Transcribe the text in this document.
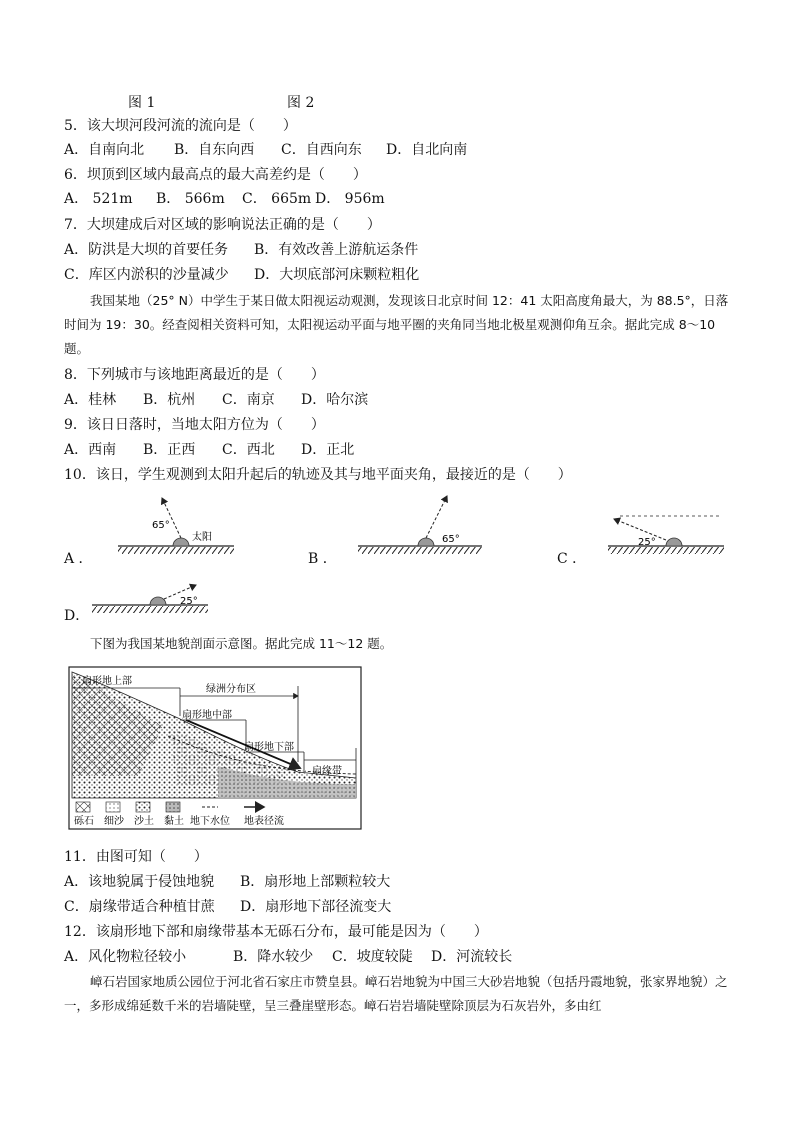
图 1	图 2
5．该大坝河段河流的流向是（　　）
A．自南向北 B．自东向西 C．自西向东 D．自北向南
6．坝顶到区域内最高点的最大高差约是（　　）
A． 521m B． 566m C． 665m D． 956m
7．大坝建成后对区域的影响说法正确的是（　　）
A．防洪是大坝的首要任务 B．有效改善上游航运条件
C．库区内淤积的沙量减少 D．大坝底部河床颗粒粗化
我国某地（25° N）中学生于某日做太阳视运动观测，发现该日北京时间 12：41 太阳高度角最大，为 88.5°，日落时间为 19：30。经查阅相关资料可知，太阳视运动平面与地平圈的夹角同当地北极星观测仰角互余。据此完成 8～10 题。
8．下列城市与该地距离最近的是（　　）
A．桂林 B．杭州 C．南京 D．哈尔滨
9．该日日落时，当地太阳方位为（　　）
A．西南 B．正西 C．西北 D．正北
10．该日，学生观测到太阳升起后的轨迹及其与地平面夹角，最接近的是（　　）
A ．	B ．	C ．
D．
65°
太阳	65°	25°
25°
下图为我国某地貌剖面示意图。据此完成 11～12 题。
扇形地上部
绿洲分布区
扇形地中部
扇形地下部
扇缘带
砾石 细沙 沙土 黏土 地下水位 地表径流
11．由图可知（　　）
A．该地貌属于侵蚀地貌 B．扇形地上部颗粒较大
C．扇缘带适合种植甘蔗 D．扇形地下部径流变大
12．该扇形地下部和扇缘带基本无砾石分布，最可能是因为（　　）
A．风化物粒径较小	B．降水较少 C．坡度较陡 D．河流较长
嶂石岩国家地质公园位于河北省石家庄市赞皇县。嶂石岩地貌为中国三大砂岩地貌（包括丹霞地貌，张家界地貌）之一，多形成绵延数千米的岩墙陡壁，呈三叠崖壁形态。嶂石岩岩墙陡壁除顶层为石灰岩外，多由红
